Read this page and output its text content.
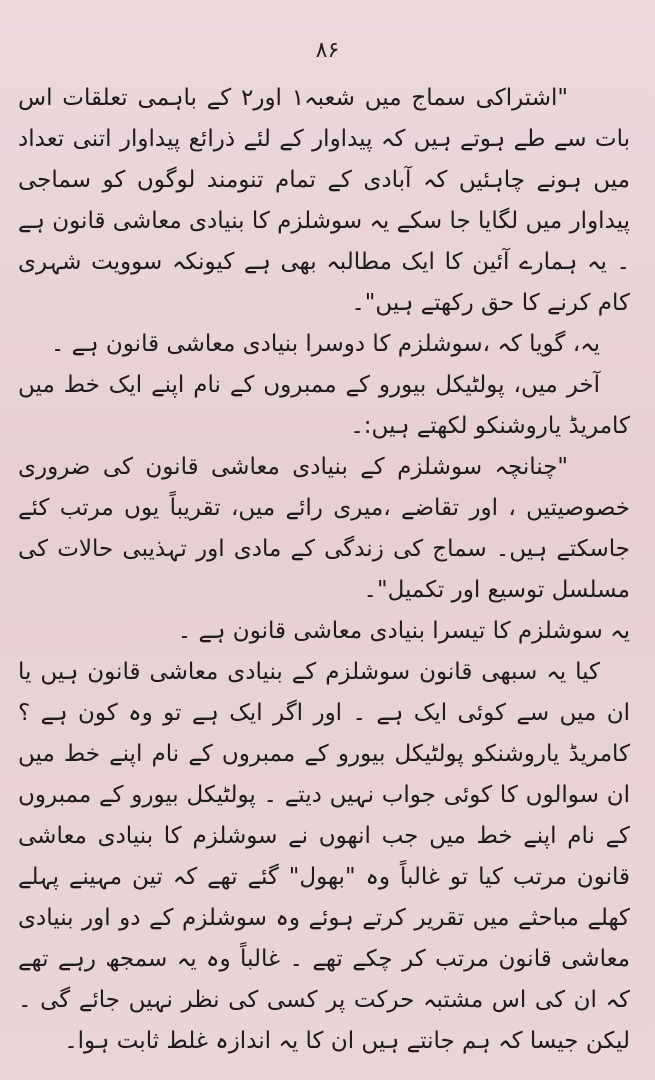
۸۶

"اشتراکی سماج میں شعبہ۱ اور۲ کے باہمی تعلقات اس بات سے طے ہوتے ہیں کہ پیداوار کے لئے ذرائع پیداوار اتنی تعداد میں ہونے چاہئیں کہ آبادی کے تمام تنومند لوگوں کو سماجی پیداوار میں لگایا جا سکے یہ سوشلزم کا بنیادی معاشی قانون ہے ۔ یہ ہمارے آئین کا ایک مطالبہ بھی ہے کیونکہ سوویت شہری کام کرنے کا حق رکھتے ہیں"۔

یہ، گویا کہ ،سوشلزم کا دوسرا بنیادی معاشی قانون ہے ۔

آخر میں، پولٹیکل بیورو کے ممبروں کے نام اپنے ایک خط میں کامریڈ یاروشنکو لکھتے ہیں:۔

"چنانچہ سوشلزم کے بنیادی معاشی قانون کی ضروری خصوصیتیں ، اور تقاضے ،میری رائے میں، تقریباً یوں مرتب کئے جاسکتے ہیں۔ سماج کی زندگی کے مادی اور تہذیبی حالات کی مسلسل توسیع اور تکمیل"۔

یہ سوشلزم کا تیسرا بنیادی معاشی قانون ہے ۔

کیا یہ سبھی قانون سوشلزم کے بنیادی معاشی قانون ہیں یا ان میں سے کوئی ایک ہے ۔ اور اگر ایک ہے تو وہ کون ہے ؟ کامریڈ یاروشنکو پولٹیکل بیورو کے ممبروں کے نام اپنے خط میں ان سوالوں کا کوئی جواب نہیں دیتے ۔ پولٹیکل بیورو کے ممبروں کے نام اپنے خط میں جب انھوں نے سوشلزم کا بنیادی معاشی قانون مرتب کیا تو غالباً وہ "بھول" گئے تھے کہ تین مہینے پہلے کھلے مباحثے میں تقریر کرتے ہوئے وہ سوشلزم کے دو اور بنیادی معاشی قانون مرتب کر چکے تھے ۔ غالباً وہ یہ سمجھ رہے تھے کہ ان کی اس مشتبہ حرکت پر کسی کی نظر نہیں جائے گی ۔ لیکن جیسا کہ ہم جانتے ہیں ان کا یہ اندازہ غلط ثابت ہوا۔
